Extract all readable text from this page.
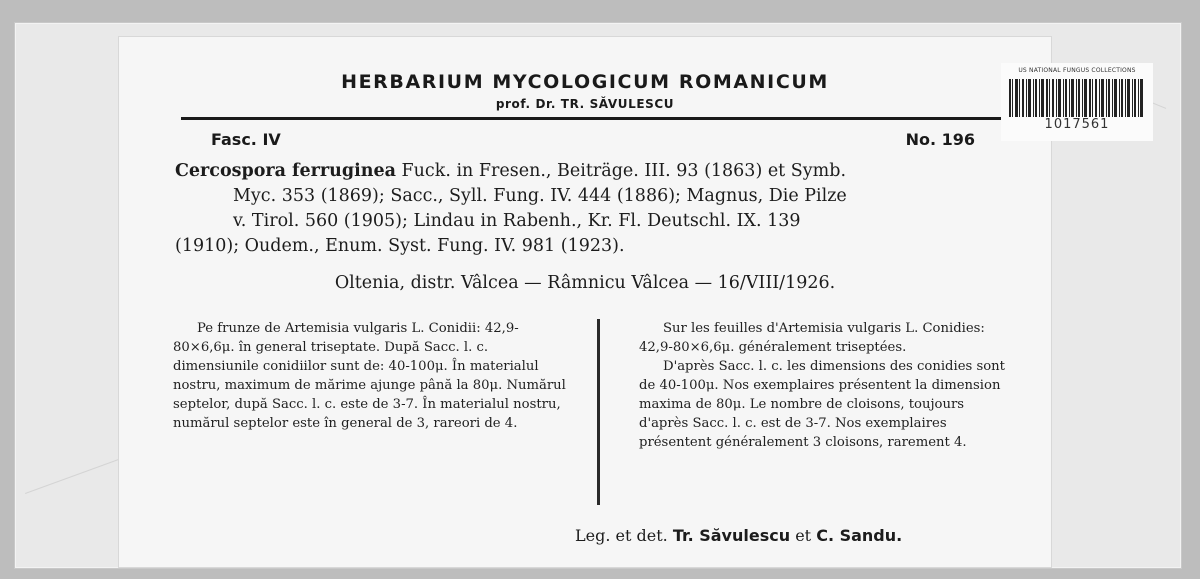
US NATIONAL FUNGUS COLLECTIONS
1017561
HERBARIUM MYCOLOGICUM ROMANICUM
prof. Dr. TR. SĂVULESCU
Fasc. IV	No. 196
Cercospora ferruginea Fuck. in Fresen., Beiträge. III. 93 (1863) et Symb.
Myc. 353 (1869); Sacc., Syll. Fung. IV. 444 (1886); Magnus, Die Pilze
v. Tirol. 560 (1905); Lindau in Rabenh., Kr. Fl. Deutschl. IX. 139
(1910); Oudem., Enum. Syst. Fung. IV. 981 (1923).
Oltenia, distr. Vâlcea — Râmnicu Vâlcea — 16/VIII/1926.

Pe frunze de Artemisia vulgaris L. Conidii: 42,9-80×6,6μ. în general triseptate. După Sacc. l. c. dimensiunile conidiilor sunt de: 40-100μ. În materialul nostru, maximum de mărime ajunge până la 80μ. Numărul septelor, după Sacc. l. c. este de 3-7. În materialul nostru, numărul septelor este în general de 3, rareori de 4.

Sur les feuilles d'Artemisia vulgaris L. Conidies: 42,9-80×6,6μ. généralement triseptées.

D'après Sacc. l. c. les dimensions des conidies sont de 40-100μ. Nos exemplaires présentent la dimension maxima de 80μ. Le nombre de cloisons, toujours d'après Sacc. l. c. est de 3-7. Nos exemplaires présentent généralement 3 cloisons, rarement 4.

Leg. et det. Tr. Săvulescu et C. Sandu.
